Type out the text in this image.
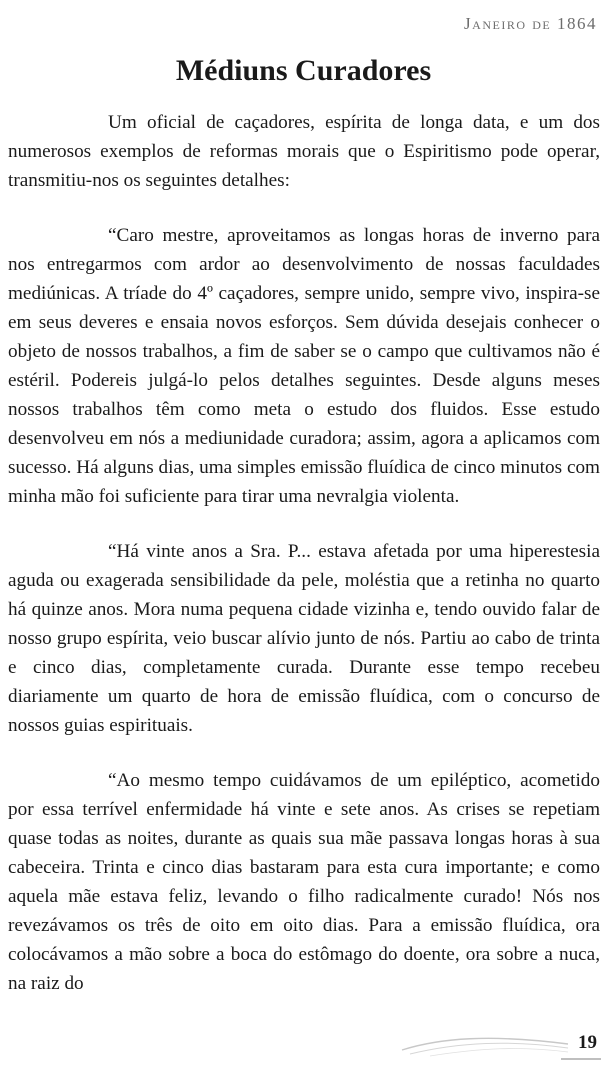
Janeiro de 1864
Médiuns Curadores

Um oficial de caçadores, espírita de longa data, e um dos numerosos exemplos de reformas morais que o Espiritismo pode operar, transmitiu-nos os seguintes detalhes:

“Caro mestre, aproveitamos as longas horas de inverno para nos entregarmos com ardor ao desenvolvimento de nossas faculdades mediúnicas. A tríade do 4º caçadores, sempre unido, sempre vivo, inspira-se em seus deveres e ensaia novos esforços. Sem dúvida desejais conhecer o objeto de nossos trabalhos, a fim de saber se o campo que cultivamos não é estéril. Podereis julgá-lo pelos detalhes seguintes. Desde alguns meses nossos trabalhos têm como meta o estudo dos fluidos. Esse estudo desenvolveu em nós a mediunidade curadora; assim, agora a aplicamos com sucesso. Há alguns dias, uma simples emissão fluídica de cinco minutos com minha mão foi suficiente para tirar uma nevralgia violenta.

“Há vinte anos a Sra. P... estava afetada por uma hiperestesia aguda ou exagerada sensibilidade da pele, moléstia que a retinha no quarto há quinze anos. Mora numa pequena cidade vizinha e, tendo ouvido falar de nosso grupo espírita, veio buscar alívio junto de nós. Partiu ao cabo de trinta e cinco dias, completamente curada. Durante esse tempo recebeu diariamente um quarto de hora de emissão fluídica, com o concurso de nossos guias espirituais.

“Ao mesmo tempo cuidávamos de um epiléptico, acometido por essa terrível enfermidade há vinte e sete anos. As crises se repetiam quase todas as noites, durante as quais sua mãe passava longas horas à sua cabeceira. Trinta e cinco dias bastaram para esta cura importante; e como aquela mãe estava feliz, levando o filho radicalmente curado! Nós nos revezávamos os três de oito em oito dias. Para a emissão fluídica, ora colocávamos a mão sobre a boca do estômago do doente, ora sobre a nuca, na raiz do

19
